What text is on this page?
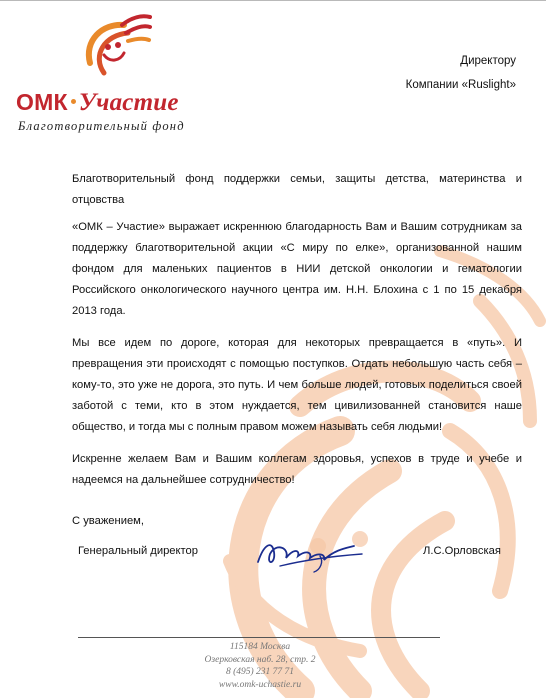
ОМК Участие
Благотворительный фонд
Директору
Компании «Ruslight»

Благотворительный фонд поддержки семьи, защиты детства, материнства и отцовства

«ОМК – Участие» выражает искреннюю благодарность Вам и Вашим сотрудникам за поддержку благотворительной акции «С миру по елке», организованной нашим фондом для маленьких пациентов в НИИ детской онкологии и гематологии Российского онкологического научного центра им. Н.Н. Блохина с 1 по 15 декабря 2013 года.

Мы все идем по дороге, которая для некоторых превращается в «путь». И превращения эти происходят с помощью поступков. Отдать небольшую часть себя – кому-то, это уже не дорога, это путь. И чем больше людей, готовых поделиться своей заботой с теми, кто в этом нуждается, тем цивилизованней становится наше общество, и тогда мы с полным правом можем называть себя людьми!

Искренне желаем Вам и Вашим коллегам здоровья, успехов в труде и учебе и надеемся на дальнейшее сотрудничество!

С уважением,

Генеральный директор	Л.С.Орловская
115184 Москва
Озерковская наб. 28, стр. 2
8 (495) 231 77 71
www.omk-uchastie.ru
